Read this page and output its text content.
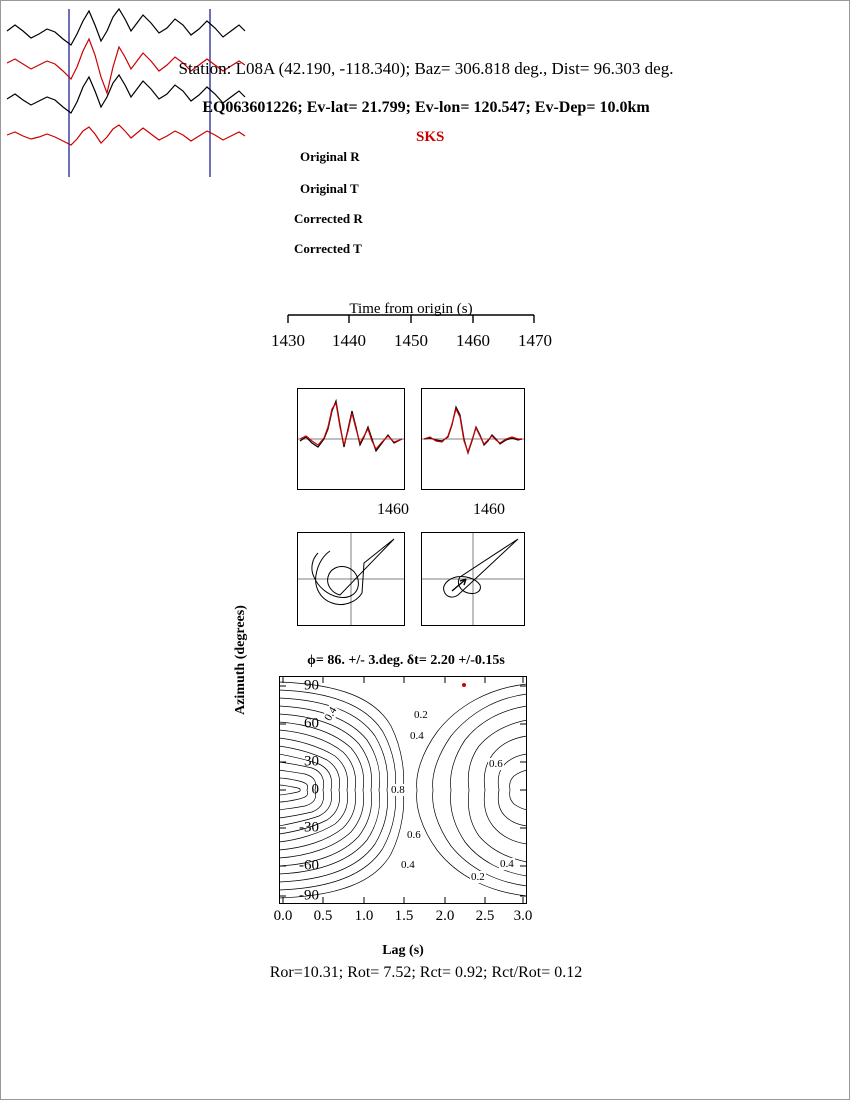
Station: L08A (42.190, -118.340); Baz= 306.818 deg., Dist= 96.303 deg.
EQ063601226; Ev-lat= 21.799; Ev-lon= 120.547; Ev-Dep= 10.0km
SKS
Original R
Original T
Corrected R
Corrected T
Time from origin (s)
1430 1440 1450 1460 1470
1460	1460
ϕ= 86. +/- 3.deg. δt= 2.20 +/-0.15s
Azimuth (degrees)
Lag (s)
0.4	0.2
0.4
0.6
0.8
0.6
0.4
0.2
0.4
90
60
30
0
-30
-60
-90
0.0	0.5	1.0	1.5	2.0	2.5	3.0
Ror=10.31; Rot= 7.52; Rct= 0.92; Rct/Rot= 0.12
